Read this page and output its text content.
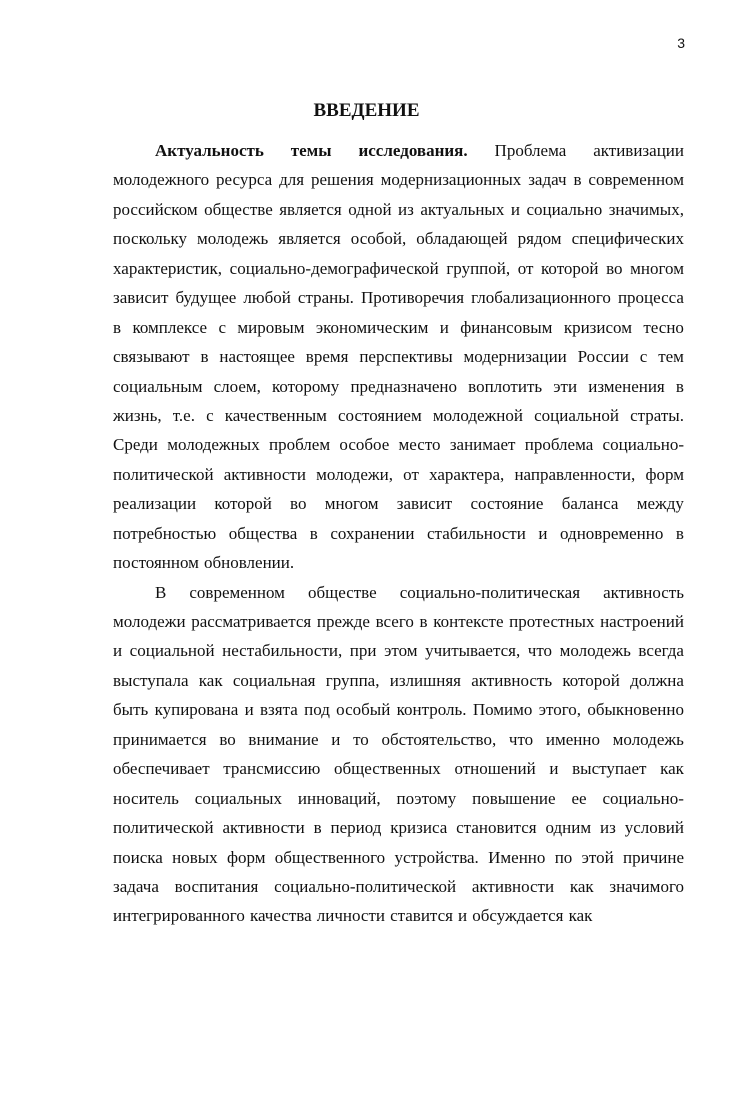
3
ВВЕДЕНИЕ
Актуальность темы исследования. Проблема активизации
молодежного ресурса для решения модернизационных задач в современном
российском обществе является одной из актуальных и социально значимых,
поскольку молодежь является особой, обладающей рядом специфических
характеристик, социально-демографической группой, от которой во многом
зависит будущее любой страны. Противоречия глобализационного процесса
в комплексе с мировым экономическим и финансовым кризисом тесно
связывают в настоящее время перспективы модернизации России с тем
социальным слоем, которому предназначено воплотить эти изменения в
жизнь, т.е. с качественным состоянием молодежной социальной страты.
Среди молодежных проблем особое место занимает проблема социально-
политической активности молодежи, от характера, направленности, форм
реализации которой во многом зависит состояние баланса между
потребностью общества в сохранении стабильности и одновременно в
постоянном обновлении.
В современном обществе социально-политическая активность
молодежи рассматривается прежде всего в контексте протестных настроений
и социальной нестабильности, при этом учитывается, что молодежь всегда
выступала как социальная группа, излишняя активность которой должна
быть купирована и взята под особый контроль. Помимо этого, обыкновенно
принимается во внимание и то обстоятельство, что именно молодежь
обеспечивает трансмиссию общественных отношений и выступает как
носитель социальных инноваций, поэтому повышение ее социально-
политической активности в период кризиса становится одним из условий
поиска новых форм общественного устройства. Именно по этой причине
задача воспитания социально-политической активности как значимого
интегрированного качества личности ставится и обсуждается как
